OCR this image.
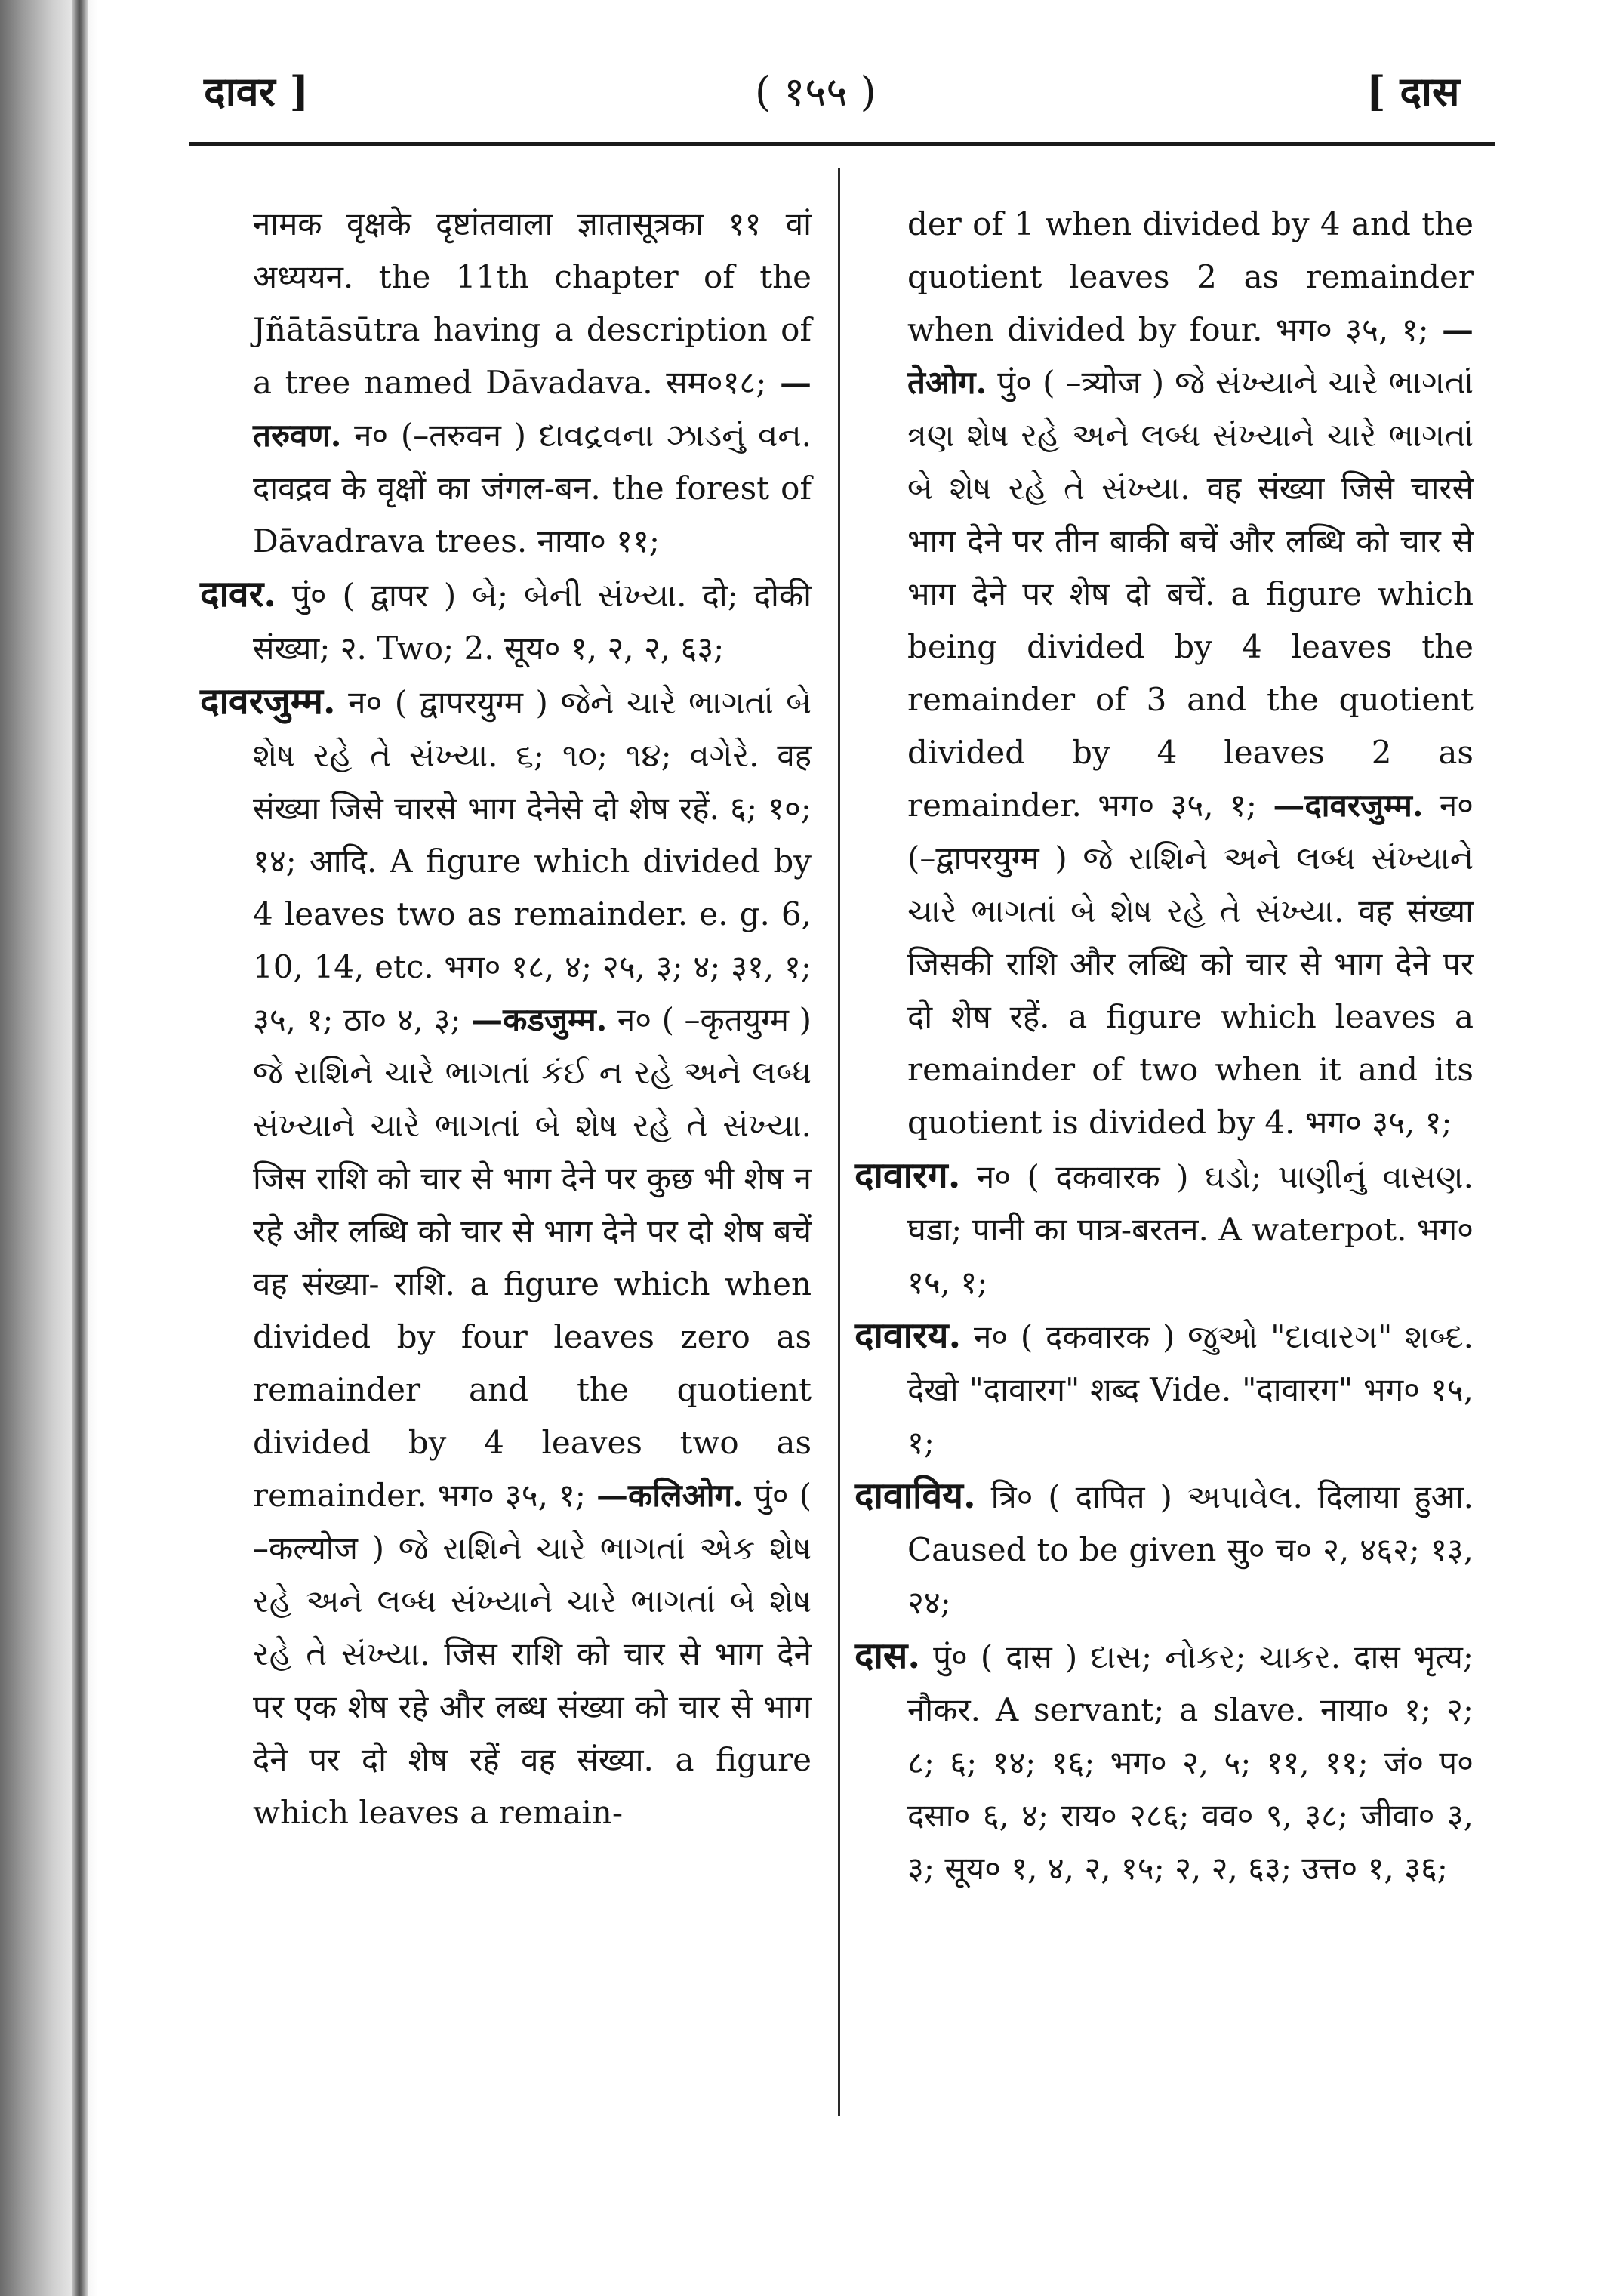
दावर ]	( १५५ )	[ दास
नामक वृक्षके दृष्टांतवाला ज्ञातासूत्रका ११ वां अध्ययन. the 11th chapter of the Jñātāsūtra having a description of a tree named Dāvadava. सम०१८; —तरुवण. न० (–तरुवन ) દાવદ્રવના ઝાડનું વન. दावद्रव के वृक्षों का जंगल-बन. the forest of Dāvadrava trees. नाया० ११;
दावर. पुं० ( द्वापर ) બે; બેની સંખ્યા. दो; दोकी संख्या; २. Two; 2. सूय० १, २, २, ६३;
दावरजुम्म. न० ( द्वापरयुग्म ) જેને ચારે ભાગતાં બે શેષ રહે તે સંખ્યા. ૬; ૧૦; ૧૪; વગેરે. वह संख्या जिसे चारसे भाग देनेसे दो शेष रहें. ६; १०; १४; आदि. A figure which divided by 4 leaves two as remainder. e. g. 6, 10, 14, etc. भग० १८, ४; २५, ३; ४; ३१, १; ३५, १; ठा० ४, ३; —कडजुम्म. न० ( –कृतयुग्म ) જે રાશિને ચારે ભાગતાં કંઈ ન રહે અને લબ્ધ સંખ્યાને ચારે ભાગતાં બે શેષ રહે તે સંખ્યા. जिस राशि को चार से भाग देने पर कुछ भी शेष न रहे और लब्धि को चार से भाग देने पर दो शेष बचें वह संख्या- राशि. a figure which when divided by four leaves zero as remainder and the quotient divided by 4 leaves two as remainder. भग० ३५, १; —कलिओग. पुं० ( –कल्योज ) જે રાશિને ચારે ભાગતાં એક શેષ રહે અને લબ્ધ સંખ્યાને ચારે ભાગતાં બે શેષ રહે તે સંખ્યા. जिस राशि को चार से भाग देने पर एक शेष रहे और लब्ध संख्या को चार से भाग देने पर दो शेष रहें वह संख्या. a figure which leaves a remain-
der of 1 when divided by 4 and the quotient leaves 2 as remainder when divided by four. भग० ३५, १; —तेओग. पुं० ( –त्र्योज ) જે સંખ્યાને ચારે ભાગતાં ત્રણ શેષ રહે અને લબ્ધ સંખ્યાને ચારે ભાગતાં બે શેષ રહે તે સંખ્યા. वह संख्या जिसे चारसे भाग देने पर तीन बाकी बचें और लब्धि को चार से भाग देने पर शेष दो बचें. a figure which being divided by 4 leaves the remainder of 3 and the quotient divided by 4 leaves 2 as remainder. भग० ३५, १; —दावरजुम्म. न० (–द्वापरयुग्म ) જે રાશિને અને લબ્ધ સંખ્યાને ચારે ભાગતાં બે શેષ રહે તે સંખ્યા. वह संख्या जिसकी राशि और लब्धि को चार से भाग देने पर दो शेष रहें. a figure which leaves a remainder of two when it and its quotient is divided by 4. भग० ३५, १;
दावारग. न० ( दकवारक ) ઘડો; પાણીનું વાસણ. घडा; पानी का पात्र-बरतन. A waterpot. भग० १५, १;
दावारय. न० ( दकवारक ) જુઓ "દાવારગ" શબ્દ. देखो "दावारग" शब्द Vide. "दावारग" भग० १५, १;
दावाविय. त्रि० ( दापित ) અપાવેલ. दिलाया हुआ. Caused to be given सु० च० २, ४६२; १३, २४;
दास. पुं० ( दास ) દાસ; નોકર; ચાકર. दास भृत्य; नौकर. A servant; a slave. नाया० १; २; ८; ६; १४; १६; भग० २, ५; ११, ११; जं० प० दसा० ६, ४; राय० २८६; वव० ९, ३८; जीवा० ३, ३; सूय० १, ४, २, १५; २, २, ६३; उत्त० १, ३६;
